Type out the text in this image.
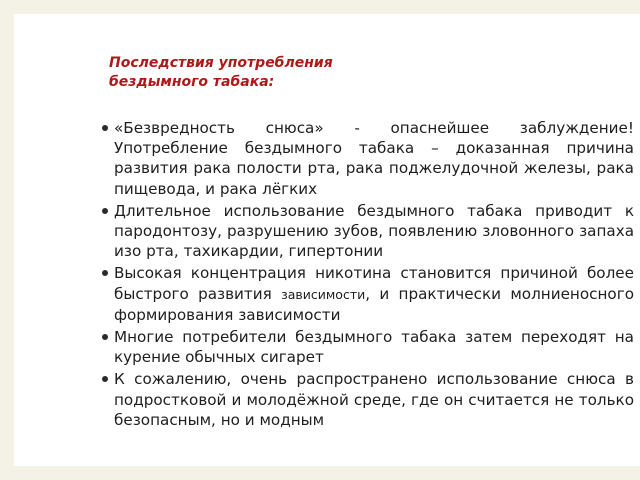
Последствия употребления
бездымного табака:
«Безвредность снюса» - опаснейшее заблуждение! Употребление бездымного табака – доказанная причина развития рака полости рта, рака поджелудочной железы, рака пищевода, и рака лёгких
Длительное использование бездымного табака приводит к пародонтозу, разрушению зубов, появлению зловонного запаха изо рта, тахикардии, гипертонии
Высокая концентрация никотина становится причиной более быстрого развития зависимости, и практически молниеносного формирования зависимости
Многие потребители бездымного табака затем переходят на курение обычных сигарет
К сожалению, очень распространено использование снюса в подростковой и молодёжной среде, где он считается не только безопасным, но и модным
